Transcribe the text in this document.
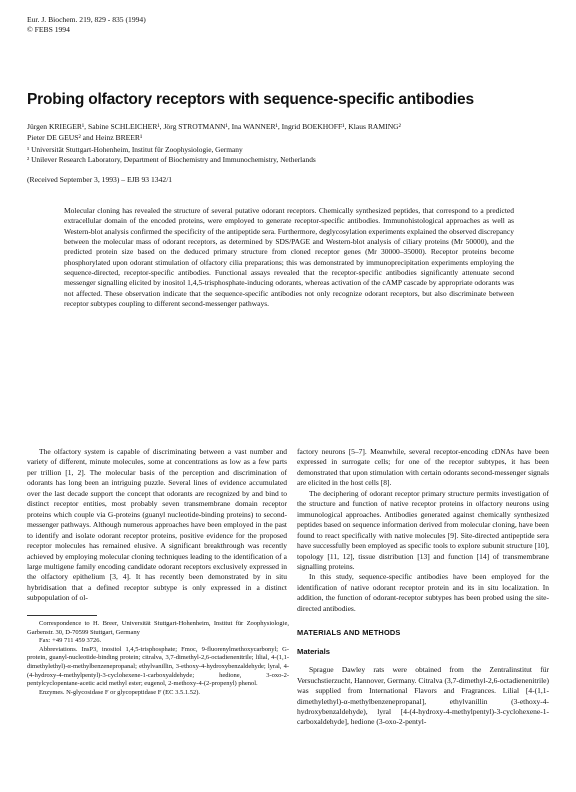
Eur. J. Biochem. 219, 829 - 835 (1994)
© FEBS 1994
Probing olfactory receptors with sequence-specific antibodies
Jürgen KRIEGER¹, Sabine SCHLEICHER¹, Jörg STROTMANN¹, Ina WANNER¹, Ingrid BOEKHOFF¹, Klaus RAMING²
Pieter DE GEUS² and Heinz BREER¹
¹ Universität Stuttgart-Hohenheim, Institut für Zoophysiologie, Germany
² Unilever Research Laboratory, Department of Biochemistry and Immunochemistry, Netherlands
(Received September 3, 1993) – EJB 93 1342/1
Molecular cloning has revealed the structure of several putative odorant receptors. Chemically synthesized peptides, that correspond to a predicted extracellular domain of the encoded proteins, were employed to generate receptor-specific antibodies. Immunohistological approaches as well as Western-blot analysis confirmed the specificity of the antipeptide sera. Furthermore, deglycosylation experiments explained the observed discrepancy between the molecular mass of odorant receptors, as determined by SDS/PAGE and Western-blot analysis of ciliary proteins (Mr 50000), and the predicted protein size based on the deduced primary structure from cloned receptor genes (Mr 30000–35000). Receptor proteins become phosphorylated upon odorant stimulation of olfactory cilia preparations; this was demonstrated by immunoprecipitation experiments employing the sequence-directed, receptor-specific antibodies. Functional assays revealed that the receptor-specific antibodies significantly attenuate second messenger signalling elicited by inositol 1,4,5-trisphosphate-inducing odorants, whereas activation of the cAMP cascade by appropriate odorants was not affected. These observation indicate that the sequence-specific antibodies not only recognize odorant receptors, but also discriminate between receptor subtypes coupling to different second-messenger pathways.

The olfactory system is capable of discriminating between a vast number and variety of different, minute molecules, some at concentrations as low as a few parts per trillion [1, 2]. The molecular basis of the perception and discrimination of odorants has long been an intriguing puzzle. Several lines of evidence accumulated over the last decade support the concept that odorants are recognized by and bind to distinct receptor entities, most probably seven transmembrane domain receptor proteins which couple via G-proteins (guanyl nucleotide-binding proteins) to second-messenger pathways. Although numerous approaches have been employed in the past to identify and isolate odorant receptor proteins, positive evidence for the proposed receptor molecules has remained elusive. A significant breakthrough was recently achieved by employing molecular cloning techniques leading to the identification of a large multigene family encoding candidate odorant receptors exclusively expressed in the olfactory epithelium [3, 4]. It has recently been demonstrated by in situ hybridisation that a defined receptor subtype is only expressed in a distinct subpopulation of ol-

Correspondence to H. Breer, Universität Stuttgart-Hohenheim, Institut für Zoophysiologie, Garbenstr. 30, D-70599 Stuttgart, Germany

Fax: +49 711 459 3726.

Abbreviations. InsP3, inositol 1,4,5-trisphosphate; Fmoc, 9-fluorenylmethoxycarbonyl; G-protein, guanyl-nucleotide-binding protein; citralva, 3,7-dimethyl-2,6-octadienenitrile; lilial, 4-(1,1-dimethylethyl)-α-methylbenzenepropanal; ethylvanillin, 3-ethoxy-4-hydroxybenzaldehyde; lyral, 4-(4-hydroxy-4-methylpentyl)-3-cyclohexene-1-carboxyaldehyde; hedione, 3-oxo-2-pentylcyclopentane-acetic acid methyl ester; eugenol, 2-methoxy-4-(2-propenyl) phenol.

Enzymes. N-glycosidase F or glycopeptidase F (EC 3.5.1.52).

factory neurons [5–7]. Meanwhile, several receptor-encoding cDNAs have been expressed in surrogate cells; for one of the receptor subtypes, it has been demonstrated that upon stimulation with certain odorants second-messenger signals are elicited in the host cells [8].

The deciphering of odorant receptor primary structure permits investigation of the structure and function of native receptor proteins in olfactory neurons using immunological approaches. Antibodies generated against chemically synthesized peptides based on sequence information derived from molecular cloning, have been found to react specifically with native molecules [9]. Site-directed antipeptide sera have successfully been employed as specific tools to explore subunit structure [10], topology [11, 12], tissue distribution [13] and function [14] of transmembrane signalling proteins.

In this study, sequence-specific antibodies have been employed for the identification of native odorant receptor protein and its in situ localization. In addition, the function of odorant-receptor subtypes has been probed using the site-directed antibodies.

MATERIALS AND METHODS
Materials

Sprague Dawley rats were obtained from the Zentralinstitut für Versuchstierzucht, Hannover, Germany. Citralva (3,7-dimethyl-2,6-octadienenitrile) was supplied from International Flavors and Fragrances. Lilial [4-(1,1-dimethylethyl)-α-methylbenzenepropanal], ethylvanillin (3-ethoxy-4-hydroxybenzaldehyde), lyral [4-(4-hydroxy-4-methylpentyl)-3-cyclohexene-1-carboxaldehyde], hedione (3-oxo-2-pentyl-
